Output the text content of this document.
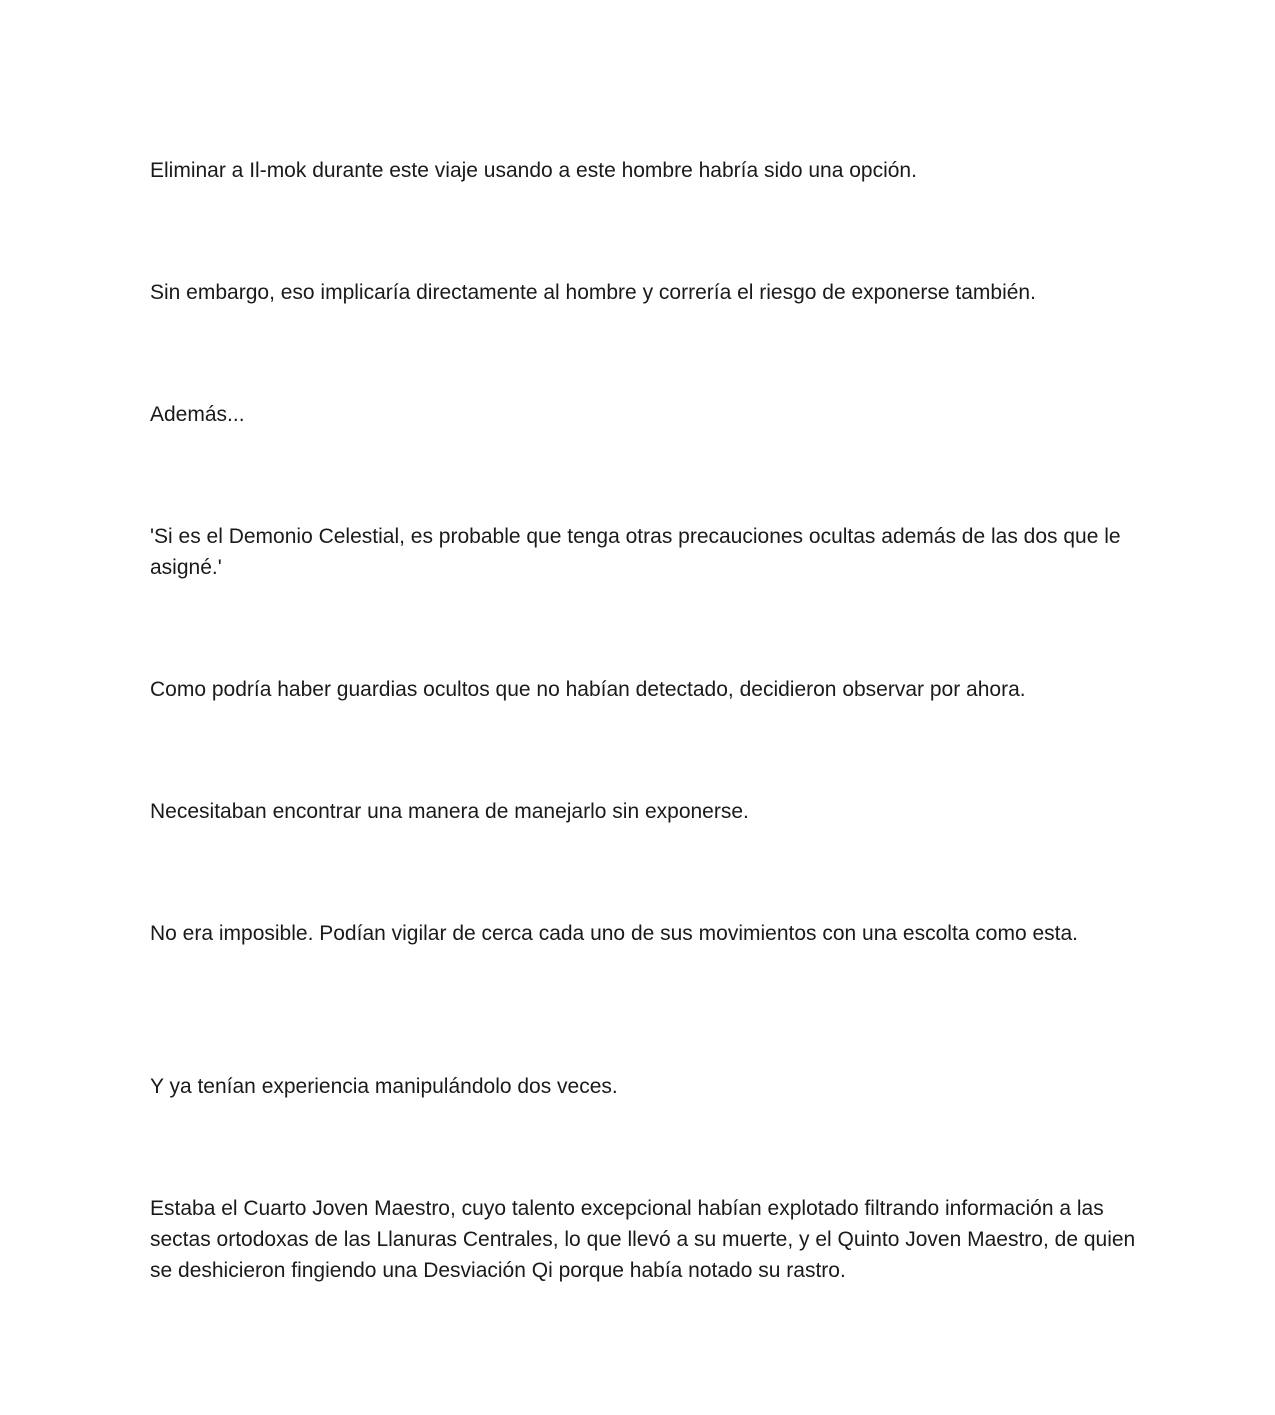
Eliminar a Il-mok durante este viaje usando a este hombre habría sido una opción.

Sin embargo, eso implicaría directamente al hombre y correría el riesgo de exponerse también.

Además...

'Si es el Demonio Celestial, es probable que tenga otras precauciones ocultas además de las dos que le asigné.'

Como podría haber guardias ocultos que no habían detectado, decidieron observar por ahora.

Necesitaban encontrar una manera de manejarlo sin exponerse.

No era imposible. Podían vigilar de cerca cada uno de sus movimientos con una escolta como esta.

Y ya tenían experiencia manipulándolo dos veces.

Estaba el Cuarto Joven Maestro, cuyo talento excepcional habían explotado filtrando información a las sectas ortodoxas de las Llanuras Centrales, lo que llevó a su muerte, y el Quinto Joven Maestro, de quien se deshicieron fingiendo una Desviación Qi porque había notado su rastro.
